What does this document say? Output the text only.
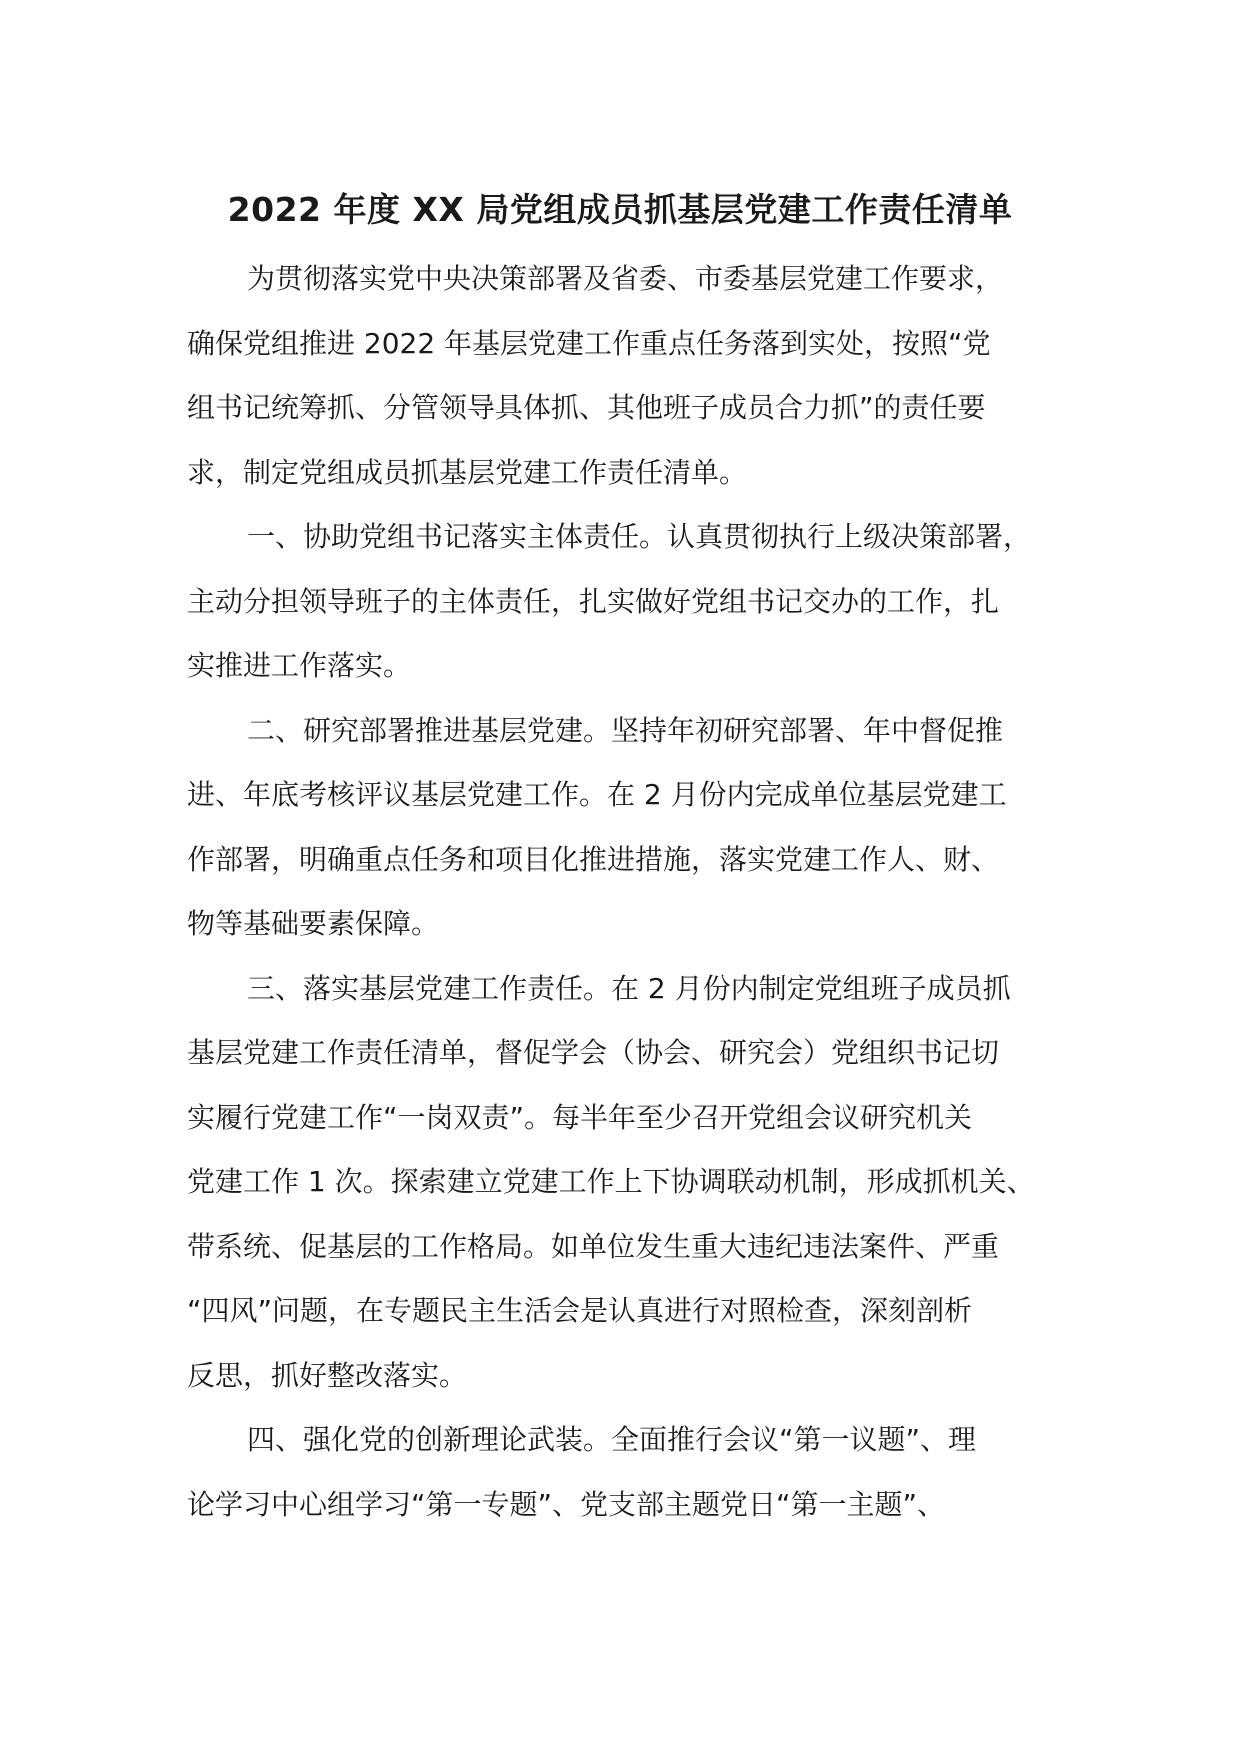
2022 年度 XX 局党组成员抓基层党建工作责任清单

为贯彻落实党中央决策部署及省委、市委基层党建工作要求，
确保党组推进 2022 年基层党建工作重点任务落到实处，按照“党
组书记统筹抓、分管领导具体抓、其他班子成员合力抓”的责任要
求，制定党组成员抓基层党建工作责任清单。

一、协助党组书记落实主体责任。认真贯彻执行上级决策部署，
主动分担领导班子的主体责任，扎实做好党组书记交办的工作，扎
实推进工作落实。

二、研究部署推进基层党建。坚持年初研究部署、年中督促推
进、年底考核评议基层党建工作。在 2 月份内完成单位基层党建工
作部署，明确重点任务和项目化推进措施，落实党建工作人、财、
物等基础要素保障。

三、落实基层党建工作责任。在 2 月份内制定党组班子成员抓
基层党建工作责任清单，督促学会（协会、研究会）党组织书记切
实履行党建工作“一岗双责”。每半年至少召开党组会议研究机关
党建工作 1 次。探索建立党建工作上下协调联动机制，形成抓机关、
带系统、促基层的工作格局。如单位发生重大违纪违法案件、严重
“四风”问题，在专题民主生活会是认真进行对照检查，深刻剖析
反思，抓好整改落实。

四、强化党的创新理论武装。全面推行会议“第一议题”、理
论学习中心组学习“第一专题”、党支部主题党日“第一主题”、
